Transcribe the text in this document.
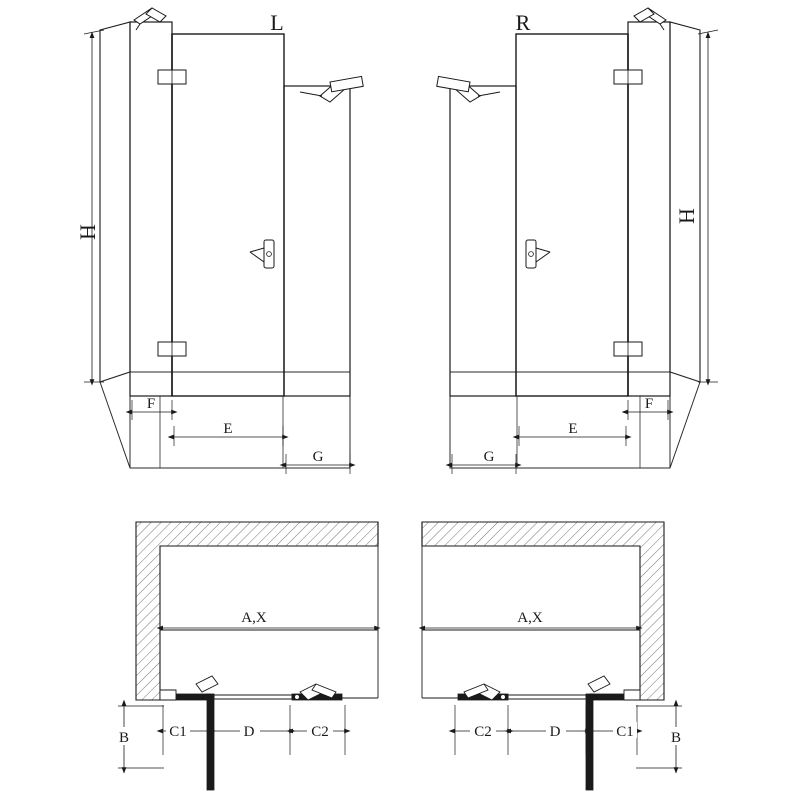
H
F
E
G
L
H
F
E
G
R
A,X
C1	D	C2
B
A,X
C2	D	C1 B
